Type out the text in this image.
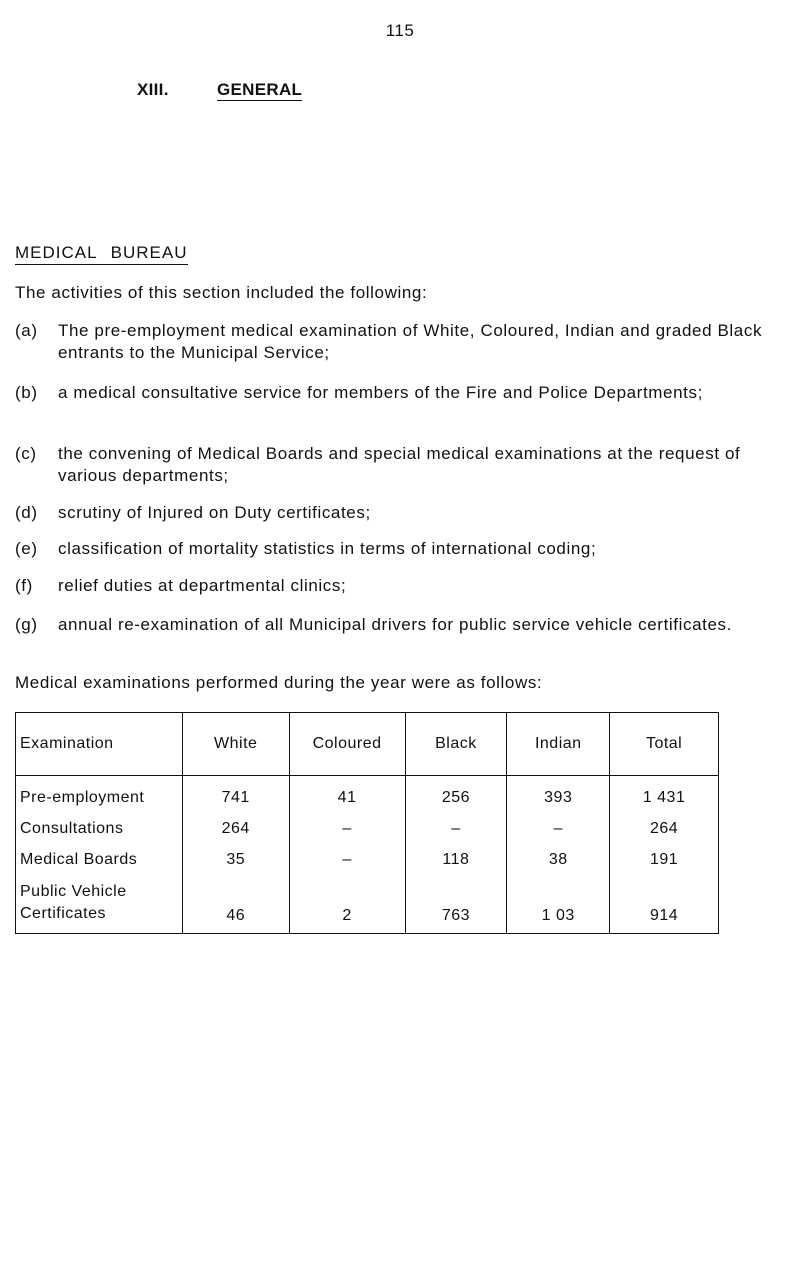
115
XIII.	GENERAL
MEDICAL BUREAU
The activities of this section included the following:
(a) The pre-employment medical examination of White, Coloured, Indian and graded Black entrants to the Municipal Service;
(b) a medical consultative service for members of the Fire and Police Departments;
(c) the convening of Medical Boards and special medical examinations at the request of various departments;
(d) scrutiny of Injured on Duty certificates;
(e) classification of mortality statistics in terms of international coding;
(f) relief duties at departmental clinics;
(g) annual re-examination of all Municipal drivers for public service vehicle certificates.
Medical examinations performed during the year were as follows:
Examination	White	Coloured	Black	Indian	Total
Pre-employment	741	41	256	393	1 431
Consultations	264	–	–	–	264
Medical Boards	35	–	118	38	191
Public Vehicle Certificates	46	2	763	1 03	914
